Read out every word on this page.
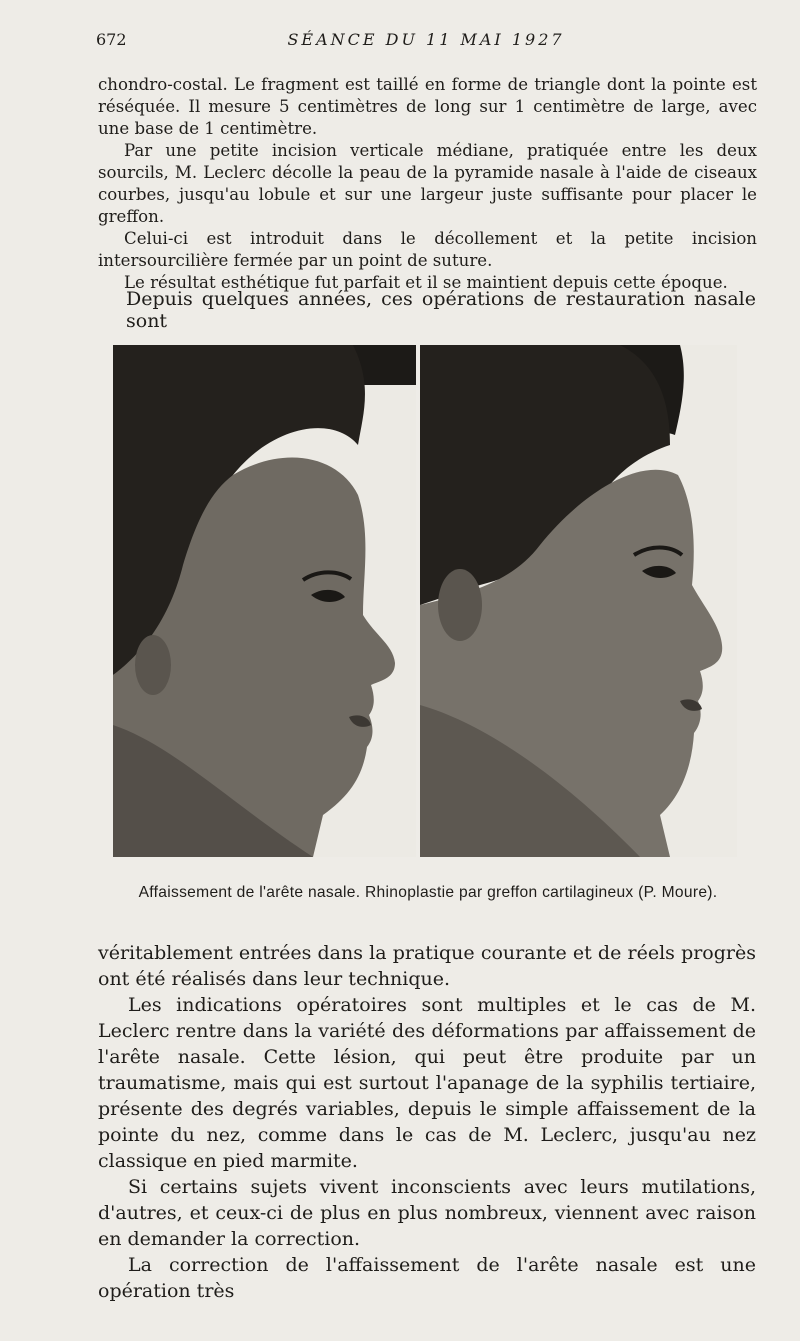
672	SÉANCE DU 11 MAI 1927

chondro-costal. Le fragment est taillé en forme de triangle dont la pointe est réséquée. Il mesure 5 centimètres de long sur 1 centimètre de large, avec une base de 1 centimètre.

Par une petite incision verticale médiane, pratiquée entre les deux sourcils, M. Leclerc décolle la peau de la pyramide nasale à l'aide de ciseaux courbes, jusqu'au lobule et sur une largeur juste suffisante pour placer le greffon.

Celui-ci est introduit dans le décollement et la petite incision intersourcilière fermée par un point de suture.

Le résultat esthétique fut parfait et il se maintient depuis cette époque.

Depuis quelques années, ces opérations de restauration nasale sont
Affaissement de l'arête nasale. Rhinoplastie par greffon cartilagineux (P. Moure).

véritablement entrées dans la pratique courante et de réels progrès ont été réalisés dans leur technique.

Les indications opératoires sont multiples et le cas de M. Leclerc rentre dans la variété des déformations par affaissement de l'arête nasale. Cette lésion, qui peut être produite par un traumatisme, mais qui est surtout l'apanage de la syphilis tertiaire, présente des degrés variables, depuis le simple affaissement de la pointe du nez, comme dans le cas de M. Leclerc, jusqu'au nez classique en pied marmite.

Si certains sujets vivent inconscients avec leurs mutilations, d'autres, et ceux-ci de plus en plus nombreux, viennent avec raison en demander la correction.

La correction de l'affaissement de l'arête nasale est une opération très
